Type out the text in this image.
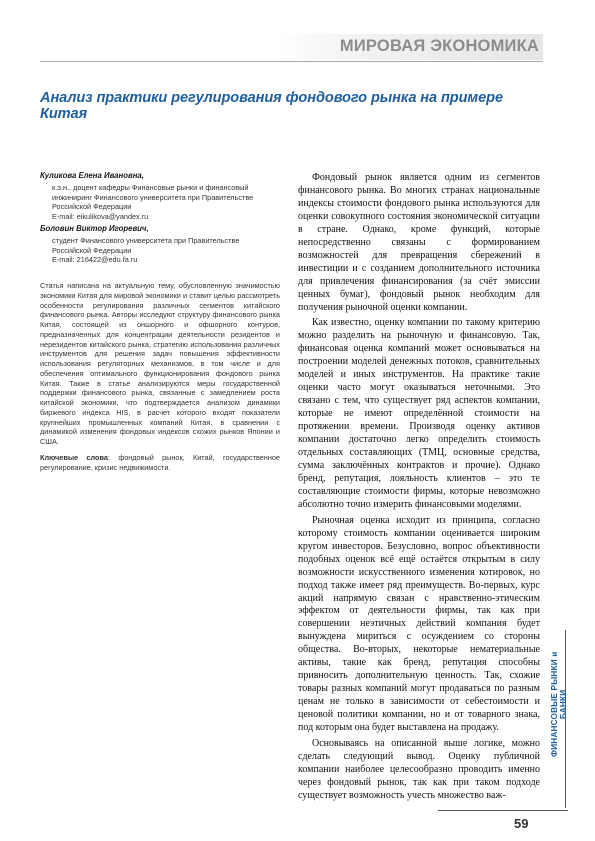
МИРОВАЯ ЭКОНОМИКА
Анализ практики регулирования фондового рынка на примере Китая
Куликова Елена Ивановна,
к.э.н., доцент кафедры Финансовые рынки и финансовый
инжиниринг Финансового университета при Правительстве
Российской Федерации
E-mail: eikulikova@yandex.ru
Боловин Виктор Игоревич,
студент Финансового университета при Правительстве
Российской Федерации
E-mail: 216422@edu.fa.ru
Статья написана на актуальную тему, обусловленную значимостью экономики Китая для мировой экономики и ставит целью рассмотреть особенности регулирования различных сегментов китайского финансового рынка. Авторы исследуют структуру финансового рынка Китая, состоящей из оншорного и офшорного контуров, предназначенных для концентрации деятельности резидентов и нерезидентов китайского рынка, стратегию использования различных инструментов для решения задач повышения эффективности использования регуляторных механизмов, в том числе и для обеспечения оптимального функционирования фондового рынка Китая. Также в статье анализируются меры государственной поддержки финансового рынка, связанные с замедлением роста китайской экономики, что подтверждается анализом динамики биржевого индекса HIS, в расчет которого входят показатели крупнейших промышленных компаний Китая, в сравнении с динамикой изменения фондовых индексов схожих рынков Японии и США.
Ключевые слова: фондовый рынок, Китай, государственное регулирование, кризис недвижимости.

Фондовый рынок является одним из сегментов финансового рынка. Во многих странах национальные индексы стоимости фондового рынка используются для оценки совокупного состояния экономической ситуации в стране. Однако, кроме функций, которые непосредственно связаны с формированием возможностей для превращения сбережений в инвестиции и с созданием дополнительного источника для привлечения финансирования (за счёт эмиссии ценных бумаг), фондовый рынок необходим для получения рыночной оценки компании.

Как известно, оценку компании по такому критерию можно разделить на рыночную и финансовую. Так, финансовая оценка компаний может основываться на построении моделей денежных потоков, сравнительных моделей и иных инструментов. На практике такие оценки часто могут оказываться неточными. Это связано с тем, что существует ряд аспектов компании, которые не имеют определённой стоимости на протяжении времени. Производя оценку активов компании достаточно легко определить стоимость отдельных составляющих (ТМЦ, основные средства, сумма заключённых контрактов и прочие). Однако бренд, репутация, лояльность клиентов – это те составляющие стоимости фирмы, которые невозможно абсолютно точно измерить финансовыми моделями.

Рыночная оценка исходит из принципа, согласно которому стоимость компании оценивается широким кругом инвесторов. Безусловно, вопрос объективности подобных оценок всё ещё остаётся открытым в силу возможности искусственного изменения котировок, но подход также имеет ряд преимуществ. Во-первых, курс акций напрямую связан с нравственно-этическим эффектом от деятельности фирмы, так как при совершении неэтичных действий компания будет вынуждена мириться с осуждением со стороны общества. Во-вторых, некоторые нематериальные активы, такие как бренд, репутация способны привносить дополнительную ценность. Так, схожие товары разных компаний могут продаваться по разным ценам не только в зависимости от себестоимости и ценовой политики компании, но и от товарного знака, под которым она будет выставлена на продажу.

Основываясь на описанной выше логике, можно сделать следующий вывод. Оценку публичной компании наиболее целесообразно проводить именно через фондовый рынок, так как при таком подходе существует возможность учесть множество важ-

ФИНАНСОВЫЕ РЫНКИ и БАНКИ
59
